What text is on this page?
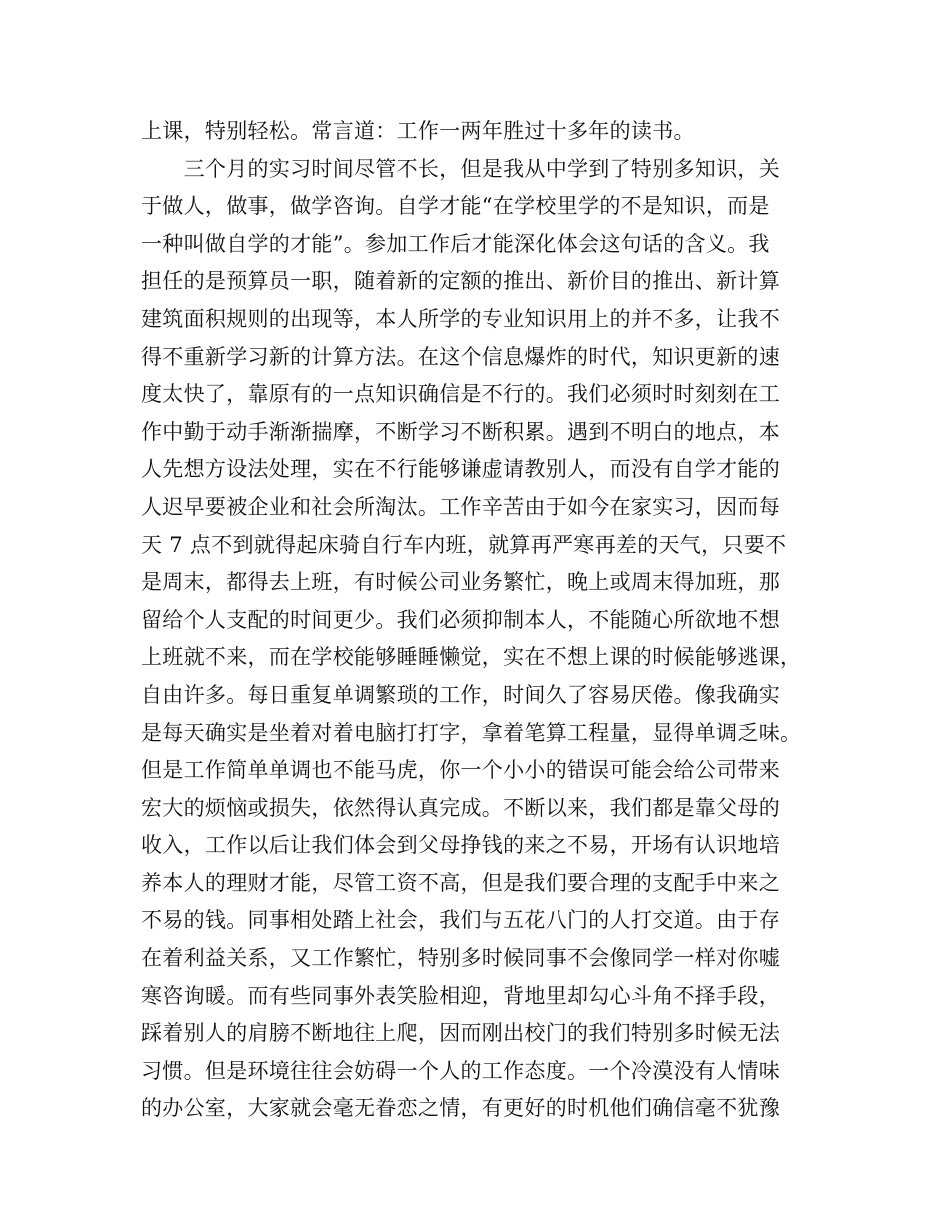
上课，特别轻松。常言道：工作一两年胜过十多年的读书。
　　三个月的实习时间尽管不长，但是我从中学到了特别多知识，关
于做人，做事，做学咨询。自学才能“在学校里学的不是知识，而是
一种叫做自学的才能”。参加工作后才能深化体会这句话的含义。我
担任的是预算员一职，随着新的定额的推出、新价目的推出、新计算
建筑面积规则的出现等，本人所学的专业知识用上的并不多，让我不
得不重新学习新的计算方法。在这个信息爆炸的时代，知识更新的速
度太快了，靠原有的一点知识确信是不行的。我们必须时时刻刻在工
作中勤于动手渐渐揣摩，不断学习不断积累。遇到不明白的地点，本
人先想方设法处理，实在不行能够谦虚请教别人，而没有自学才能的
人迟早要被企业和社会所淘汰。工作辛苦由于如今在家实习，因而每
天 7 点不到就得起床骑自行车内班，就算再严寒再差的天气，只要不
是周末，都得去上班，有时候公司业务繁忙，晚上或周末得加班，那
留给个人支配的时间更少。我们必须抑制本人，不能随心所欲地不想
上班就不来，而在学校能够睡睡懒觉，实在不想上课的时候能够逃课，
自由许多。每日重复单调繁琐的工作，时间久了容易厌倦。像我确实
是每天确实是坐着对着电脑打打字，拿着笔算工程量，显得单调乏味。
但是工作简单单调也不能马虎，你一个小小的错误可能会给公司带来
宏大的烦恼或损失，依然得认真完成。不断以来，我们都是靠父母的
收入，工作以后让我们体会到父母挣钱的来之不易，开场有认识地培
养本人的理财才能，尽管工资不高，但是我们要合理的支配手中来之
不易的钱。同事相处踏上社会，我们与五花八门的人打交道。由于存
在着利益关系，又工作繁忙，特别多时候同事不会像同学一样对你嘘
寒咨询暖。而有些同事外表笑脸相迎，背地里却勾心斗角不择手段，
踩着别人的肩膀不断地往上爬，因而刚出校门的我们特别多时候无法
习惯。但是环境往往会妨碍一个人的工作态度。一个冷漠没有人情味
的办公室，大家就会毫无眷恋之情，有更好的时机他们确信毫不犹豫
